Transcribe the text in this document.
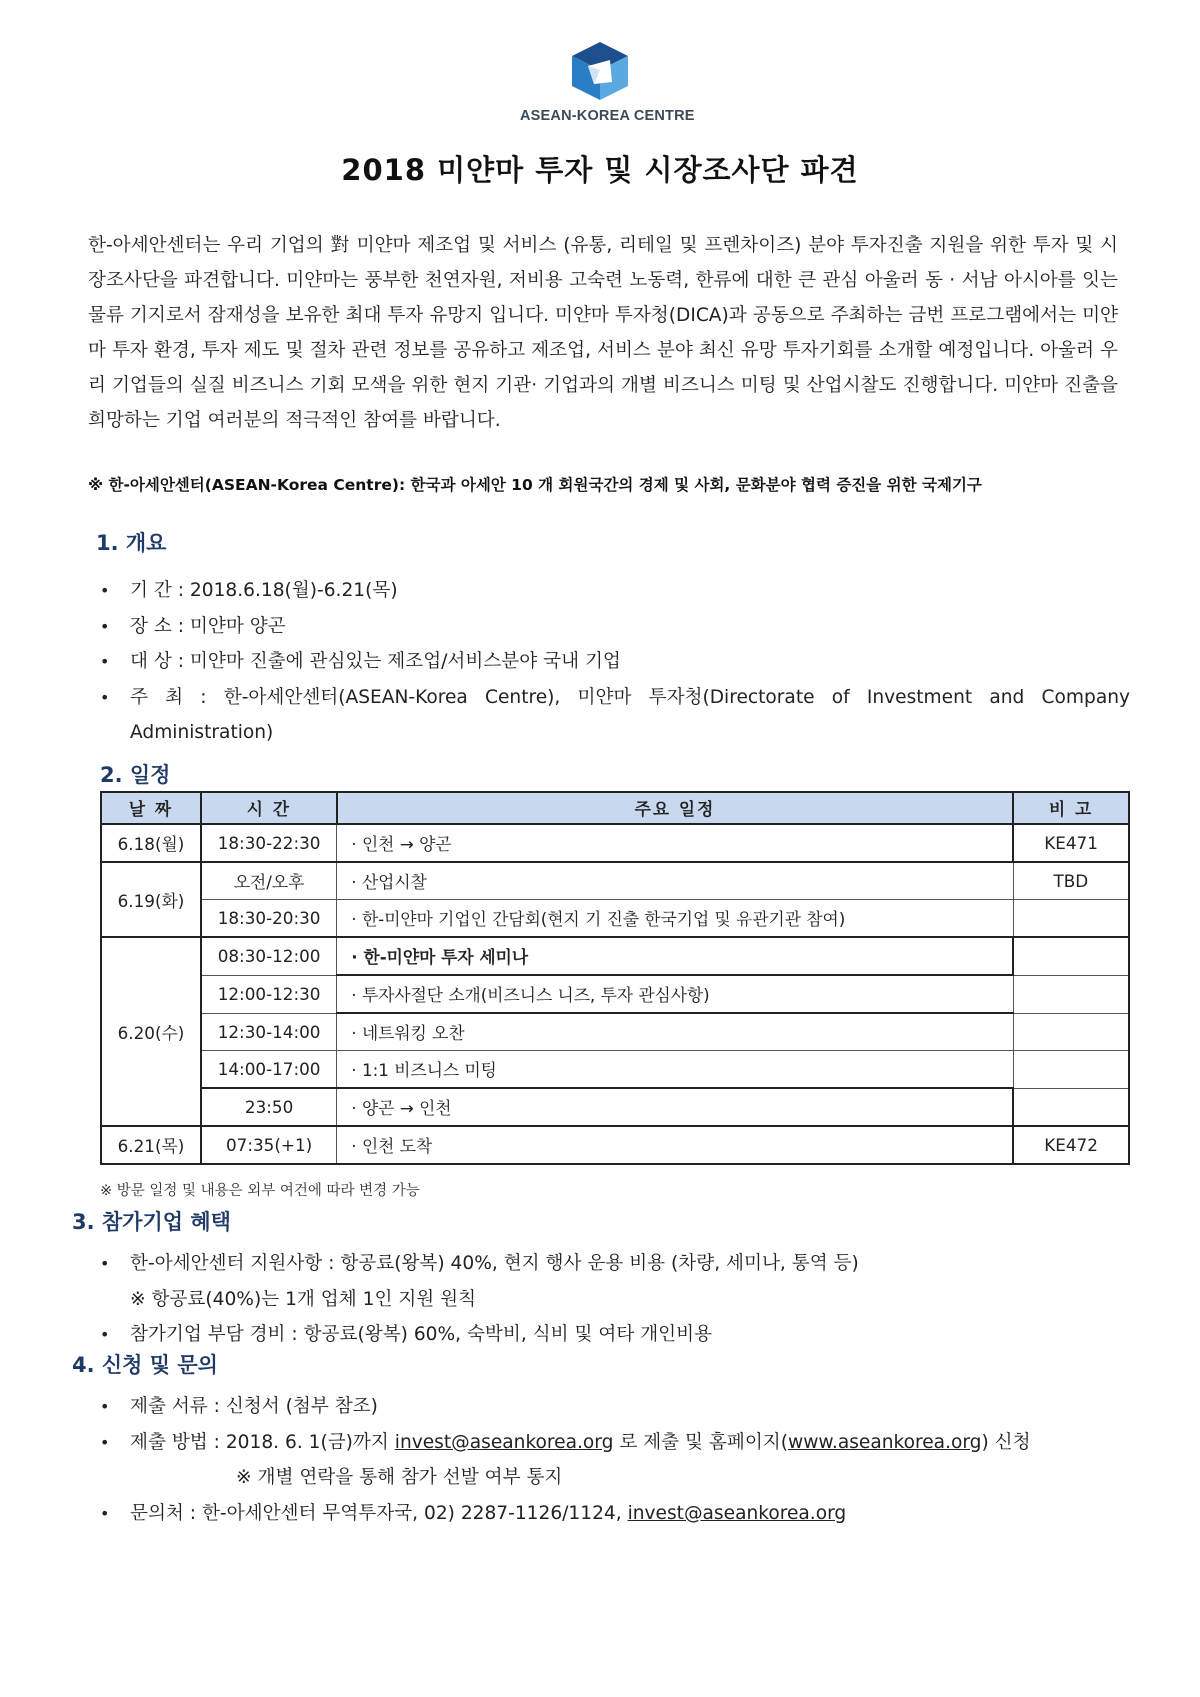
ASEAN-KOREA CENTRE
2018 미얀마 투자 및 시장조사단 파견
한-아세안센터는 우리 기업의 對 미얀마 제조업 및 서비스 (유통, 리테일 및 프렌차이즈) 분야 투자진출 지원을 위한 투자 및 시장조사단을 파견합니다. 미얀마는 풍부한 천연자원, 저비용 고숙련 노동력, 한류에 대한 큰 관심 아울러 동 · 서남 아시아를 잇는 물류 기지로서 잠재성을 보유한 최대 투자 유망지 입니다. 미얀마 투자청(DICA)과 공동으로 주최하는 금번 프로그램에서는 미얀마 투자 환경, 투자 제도 및 절차 관련 정보를 공유하고 제조업, 서비스 분야 최신 유망 투자기회를 소개할 예정입니다. 아울러 우리 기업들의 실질 비즈니스 기회 모색을 위한 현지 기관· 기업과의 개별 비즈니스 미팅 및 산업시찰도 진행합니다. 미얀마 진출을 희망하는 기업 여러분의 적극적인 참여를 바랍니다.
※ 한-아세안센터(ASEAN-Korea Centre): 한국과 아세안 10 개 회원국간의 경제 및 사회, 문화분야 협력 증진을 위한 국제기구
1. 개요
• 기 간 : 2018.6.18(월)-6.21(목)
• 장 소 : 미얀마 양곤
• 대 상 : 미얀마 진출에 관심있는 제조업/서비스분야 국내 기업
• 주 최 : 한-아세안센터(ASEAN-Korea Centre), 미얀마 투자청(Directorate of Investment and Company Administration)
2. 일정
날 짜	시 간	주요 일정	비 고
6.18(월)	18:30-22:30	· 인천 → 양곤	KE471
6.19(화)	오전/오후	· 산업시찰	TBD
	18:30-20:30	· 한-미얀마 기업인 간담회(현지 기 진출 한국기업 및 유관기관 참여)	
6.20(수)	08:30-12:00	· 한-미얀마 투자 세미나	
	12:00-12:30	· 투자사절단 소개(비즈니스 니즈, 투자 관심사항)	
	12:30-14:00	· 네트워킹 오찬	
	14:00-17:00	· 1:1 비즈니스 미팅	
	23:50	· 양곤 → 인천	
6.21(목)	07:35(+1)	· 인천 도착	KE472
※ 방문 일정 및 내용은 외부 여건에 따라 변경 가능
3. 참가기업 혜택
• 한-아세안센터 지원사항 : 항공료(왕복) 40%, 현지 행사 운용 비용 (차량, 세미나, 통역 등)
※ 항공료(40%)는 1개 업체 1인 지원 원칙
• 참가기업 부담 경비 : 항공료(왕복) 60%, 숙박비, 식비 및 여타 개인비용
4. 신청 및 문의
• 제출 서류 : 신청서 (첨부 참조)
• 제출 방법 : 2018. 6. 1(금)까지 invest@aseankorea.org 로 제출 및 홈페이지(www.aseankorea.org) 신청
※ 개별 연락을 통해 참가 선발 여부 통지
• 문의처 : 한-아세안센터 무역투자국, 02) 2287-1126/1124, invest@aseankorea.org
